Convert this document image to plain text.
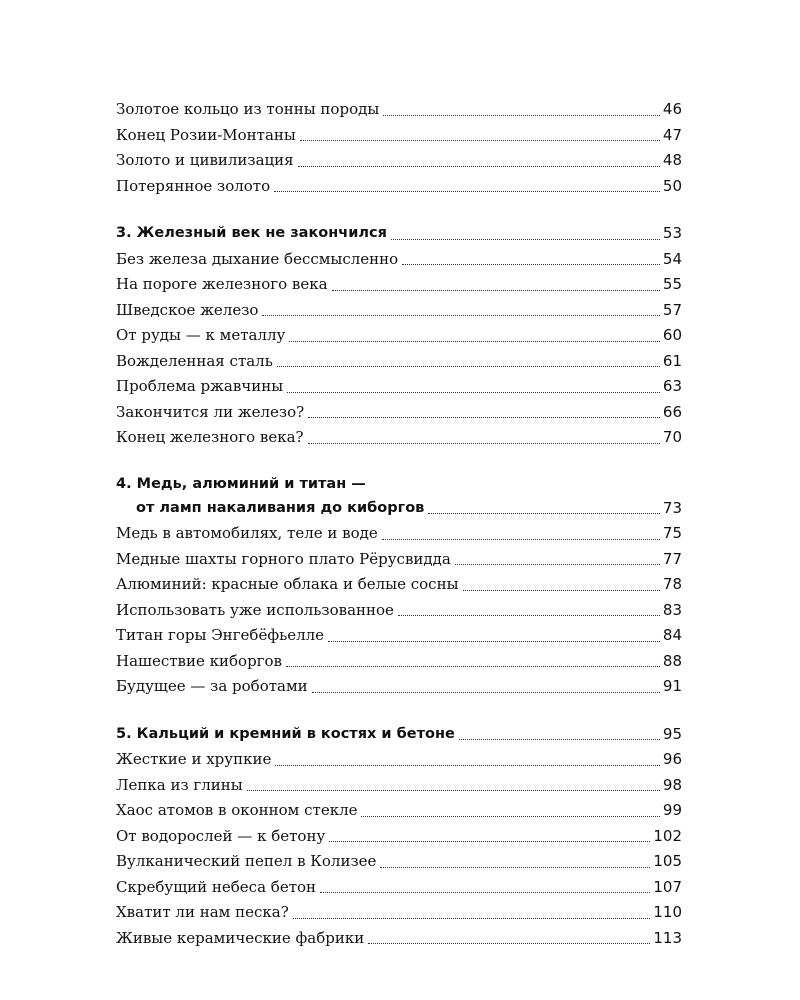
Золотое кольцо из тонны породы	46
Конец Розии-Монтаны	47
Золото и цивилизация	48
Потерянное золото	50
3. Железный век не закончился	53
Без железа дыхание бессмысленно	54
На пороге железного века	55
Шведское железо	57
От руды — к металлу	60
Вожделенная сталь	61
Проблема ржавчины	63
Закончится ли железо?	66
Конец железного века?	70
4. Медь, алюминий и титан —
от ламп накаливания до киборгов	73
Медь в автомобилях, теле и воде	75
Медные шахты горного плато Рёрусвидда	77
Алюминий: красные облака и белые сосны	78
Использовать уже использованное	83
Титан горы Энгебёфьелле	84
Нашествие киборгов	88
Будущее — за роботами	91
5. Кальций и кремний в костях и бетоне	95
Жесткие и хрупкие	96
Лепка из глины	98
Хаос атомов в оконном стекле	99
От водорослей — к бетону	102
Вулканический пепел в Колизее	105
Скребущий небеса бетон	107
Хватит ли нам песка?	110
Живые керамические фабрики	113
